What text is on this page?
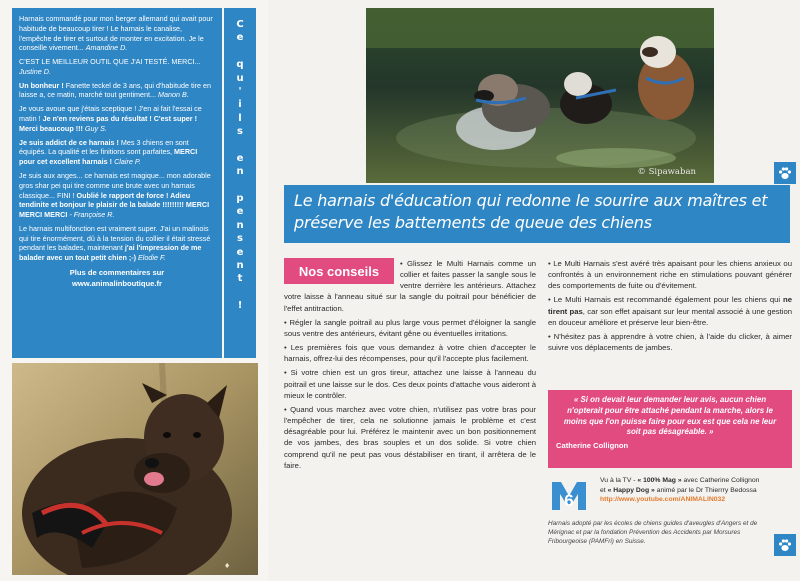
Harnais commandé pour mon berger allemand qui avait pour habitude de beaucoup tirer ! Le harnais le canalise, l'empêche de tirer et surtout de monter en excitation. Je le conseille vivement... Amandine D.

C'EST LE MEILLEUR OUTIL QUE J'AI TESTÉ. MERCI... Justine D.

Un bonheur ! Fanette teckel de 3 ans, qui d'habitude tire en laisse a, ce matin, marché tout gentiment... Manon B.

Je vous avoue que j'étais sceptique ! J'en ai fait l'essai ce matin ! Je n'en reviens pas du résultat ! C'est super ! Merci beaucoup !!! Guy S.

Je suis addict de ce harnais ! Mes 3 chiens en sont équipés. La qualité et les finitions sont parfaites, MERCI pour cet excellent harnais ! Claire P.

Je suis aux anges... ce harnais est magique... mon adorable gros shar pei qui tire comme une brute avec un harnais classique... FINI ! Oublié le rapport de force ! Adieu tendinite et bonjour le plaisir de la balade !!!!!!!!! MERCI MERCI MERCI - Françoise R.

Le harnais multifonction est vraiment super. J'ai un malinois qui tire énormément, dû à la tension du collier il était stressé pendant les balades, maintenant j'ai l'impression de me balader avec un tout petit chien ;-) Elodie F.

Plus de commentaires sur
www.animalinboutique.fr
C
e

q
u
'
i
l
s

e
n

p
e
n
s
e
n
t

!
♦
© Sipawaban
Le harnais d'éducation qui redonne le sourire aux maîtres et préserve les battements de queue des chiens
Nos conseils	• Glissez le Multi Harnais comme un collier et faites passer la sangle sous le ventre derrière les antérieurs. Attachez votre laisse à l'anneau situé sur la sangle du poitrail pour bénéficier de l'effet antitraction.

• Régler la sangle poitrail au plus large vous permet d'éloigner la sangle sous ventre des antérieurs, évitant gêne ou éventuelles irritations.

• Les premières fois que vous demandez à votre chien d'accepter le harnais, offrez-lui des récompenses, pour qu'il l'accepte plus facilement.

• Si votre chien est un gros tireur, attachez une laisse à l'anneau du poitrail et une laisse sur le dos. Ces deux points d'attache vous aideront à mieux le contrôler.

• Quand vous marchez avec votre chien, n'utilisez pas votre bras pour l'empêcher de tirer, cela ne solutionne jamais le problème et c'est désagréable pour lui. Préférez le maintenir avec un bon positionnement de vos jambes, des bras souples et un dos solide. Si votre chien comprend qu'il ne peut pas vous déstabiliser en tirant, il arrêtera de le faire.

• Le Multi Harnais s'est avéré très apaisant pour les chiens anxieux ou confrontés à un environnement riche en stimulations pouvant générer des comportements de fuite ou d'évitement.

• Le Multi Harnais est recommandé également pour les chiens qui ne tirent pas, car son effet apaisant sur leur mental associé à une gestion en douceur améliore et préserve leur bien-être.

• N'hésitez pas à apprendre à votre chien, à l'aide du clicker, à aimer suivre vos déplacements de jambes.

« Si on devait leur demander leur avis, aucun chien n'opterait pour être attaché pendant la marche, alors le moins que l'on puisse faire pour eux est que cela ne leur soit pas désagréable. »
Catherine Collignon
6
Vu à la TV - « 100% Mag » avec Catherine Collignon
et « Happy Dog » animé par le Dr Thierrry Bedossa
http://www.youtube.com/ANIMALIN032
Harnais adopté par les écoles de chiens guides d'aveugles d'Angers et de Mérignac et par la fondation Prévention des Accidents par Morsures Fribourgeoise (PAMFri) en Suisse.
